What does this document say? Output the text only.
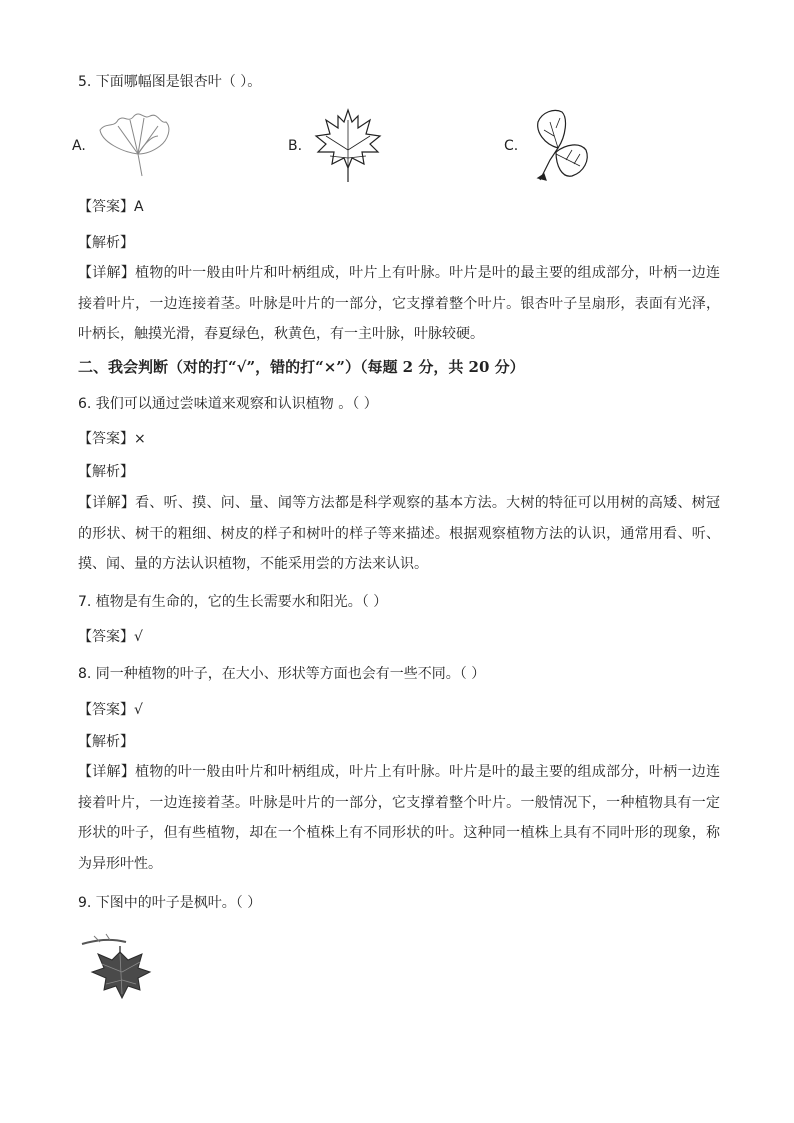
5. 下面哪幅图是银杏叶（ ）。
A.	B.	C.
【答案】A
【解析】
【详解】植物的叶一般由叶片和叶柄组成，叶片上有叶脉。叶片是叶的最主要的组成部分，叶柄一边连接着叶片，一边连接着茎。叶脉是叶片的一部分，它支撑着整个叶片。银杏叶子呈扇形，表面有光泽，叶柄长，触摸光滑，春夏绿色，秋黄色，有一主叶脉，叶脉较硬。
二、我会判断（对的打“√”，错的打“×”）（每题 2 分，共 20 分）
6. 我们可以通过尝味道来观察和认识植物 。（ ）
【答案】×
【解析】
【详解】看、听、摸、问、量、闻等方法都是科学观察的基本方法。大树的特征可以用树的高矮、树冠的形状、树干的粗细、树皮的样子和树叶的样子等来描述。根据观察植物方法的认识，通常用看、听、摸、闻、量的方法认识植物，不能采用尝的方法来认识。
7. 植物是有生命的，它的生长需要水和阳光。（ ）
【答案】√
8. 同一种植物的叶子，在大小、形状等方面也会有一些不同。（ ）
【答案】√
【解析】
【详解】植物的叶一般由叶片和叶柄组成，叶片上有叶脉。叶片是叶的最主要的组成部分，叶柄一边连接着叶片，一边连接着茎。叶脉是叶片的一部分，它支撑着整个叶片。一般情况下，一种植物具有一定形状的叶子，但有些植物，却在一个植株上有不同形状的叶。这种同一植株上具有不同叶形的现象，称为异形叶性。
9. 下图中的叶子是枫叶。（ ）
